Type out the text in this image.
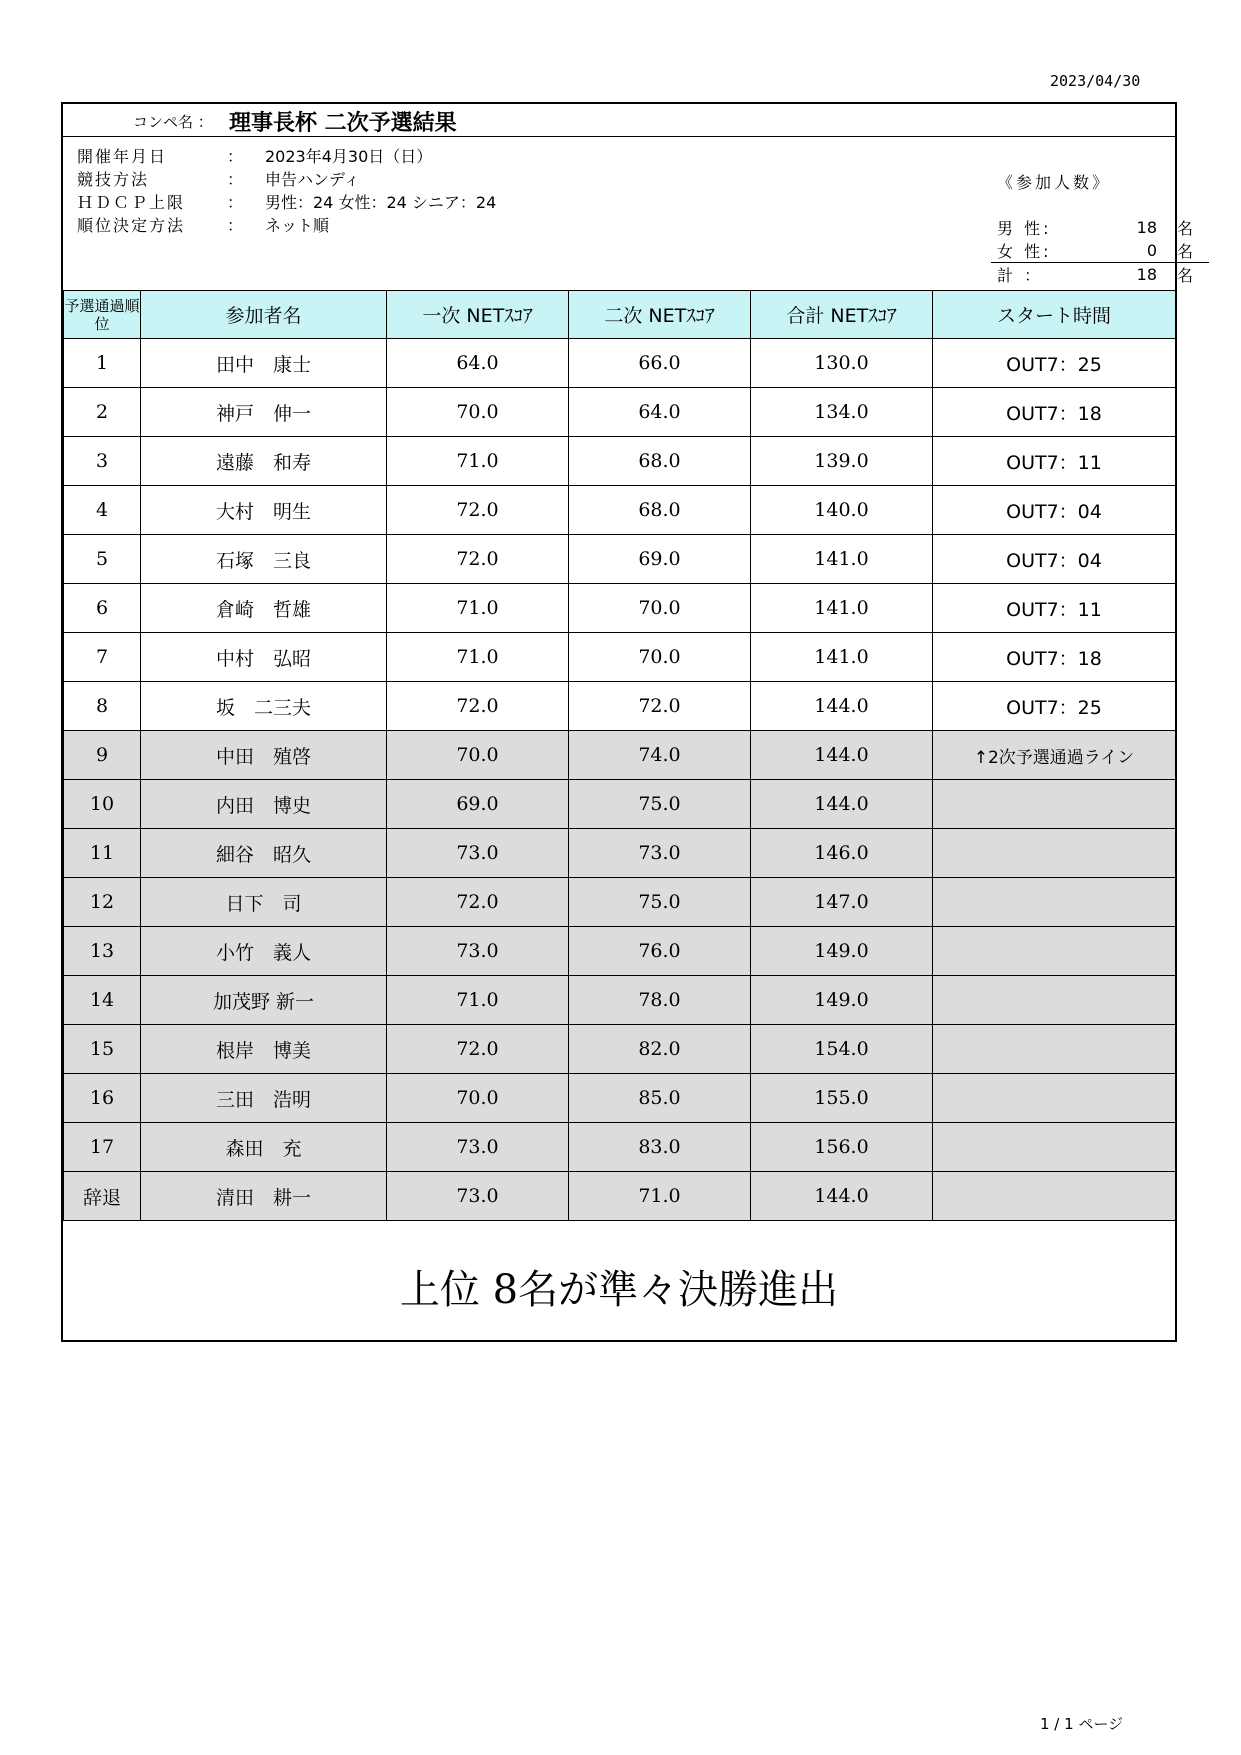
2023/04/30
コンペ名 ： 理事長杯 二次予選結果
開催年月日	：	2023年4月30日（日）
競技方法	：	申告ハンディ
ＨＤＣＰ上限	：	男性：24 女性：24 シニア：24
順位決定方法	：	ネット順
《参加人数》
男 性:	18	名
女 性:	0	名
計 ：	18	名
予選通過順位	参加者名	一次 NETｽｺｱ	二次 NETｽｺｱ	合計 NETｽｺｱ	スタート時間
1	田中　康士	64.0	66.0	130.0	OUT7：25
2	神戸　伸一	70.0	64.0	134.0	OUT7：18
3	遠藤　和寿	71.0	68.0	139.0	OUT7：11
4	大村　明生	72.0	68.0	140.0	OUT7：04
5	石塚　三良	72.0	69.0	141.0	OUT7：04
6	倉崎　哲雄	71.0	70.0	141.0	OUT7：11
7	中村　弘昭	71.0	70.0	141.0	OUT7：18
8	坂　二三夫	72.0	72.0	144.0	OUT7：25
9	中田　殖啓	70.0	74.0	144.0	↑2次予選通過ライン
10	内田　博史	69.0	75.0	144.0	
11	細谷　昭久	73.0	73.0	146.0	
12	日下　司	72.0	75.0	147.0	
13	小竹　義人	73.0	76.0	149.0	
14	加茂野 新一	71.0	78.0	149.0	
15	根岸　博美	72.0	82.0	154.0	
16	三田　浩明	70.0	85.0	155.0	
17	森田　充	73.0	83.0	156.0	
辞退	清田　耕一	73.0	71.0	144.0	
上位 8名が準々決勝進出
1 / 1 ページ
